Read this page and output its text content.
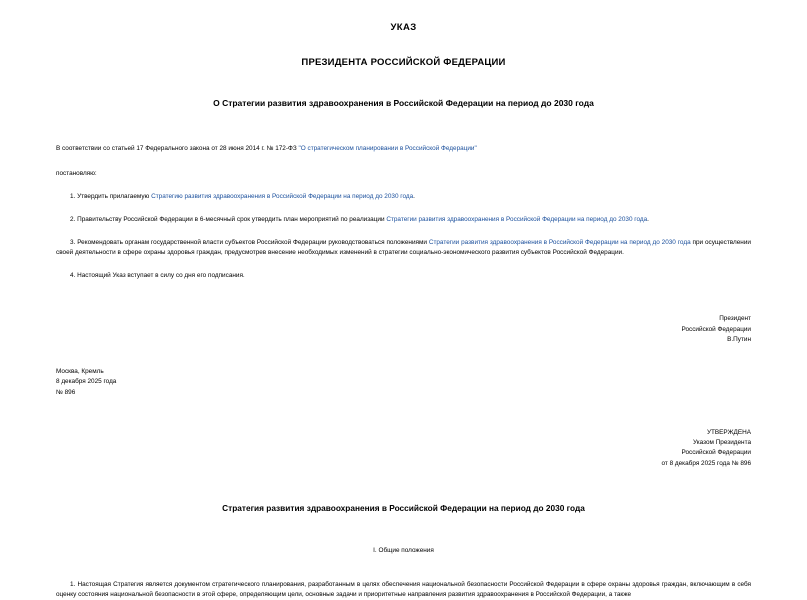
УКАЗ
ПРЕЗИДЕНТА РОССИЙСКОЙ ФЕДЕРАЦИИ
О Стратегии развития здравоохранения в Российской Федерации на период до 2030 года

В соответствии со статьей 17 Федерального закона от 28 июня 2014 г. № 172-ФЗ "О стратегическом планировании в Российской Федерации"

постановляю:

1. Утвердить прилагаемую Стратегию развития здравоохранения в Российской Федерации на период до 2030 года.

2. Правительству Российской Федерации в 6-месячный срок утвердить план мероприятий по реализации Стратегии развития здравоохранения в Российской Федерации на период до 2030 года.

3. Рекомендовать органам государственной власти субъектов Российской Федерации руководствоваться положениями Стратегии развития здравоохранения в Российской Федерации на период до 2030 года при осуществлении своей деятельности в сфере охраны здоровья граждан, предусмотрев внесение необходимых изменений в стратегии социально-экономического развития субъектов Российской Федерации.

4. Настоящий Указ вступает в силу со дня его подписания.

Президент
Российской Федерации
В.Путин
Москва, Кремль
8 декабря 2025 года
№ 896
УТВЕРЖДЕНА
Указом Президента
Российской Федерации
от 8 декабря 2025 года № 896
Стратегия развития здравоохранения в Российской Федерации на период до 2030 года
I. Общие положения

1. Настоящая Стратегия является документом стратегического планирования, разработанным в целях обеспечения национальной безопасности Российской Федерации в сфере охраны здоровья граждан, включающим в себя оценку состояния национальной безопасности в этой сфере, определяющим цели, основные задачи и приоритетные направления развития здравоохранения в Российской Федерации, а также
